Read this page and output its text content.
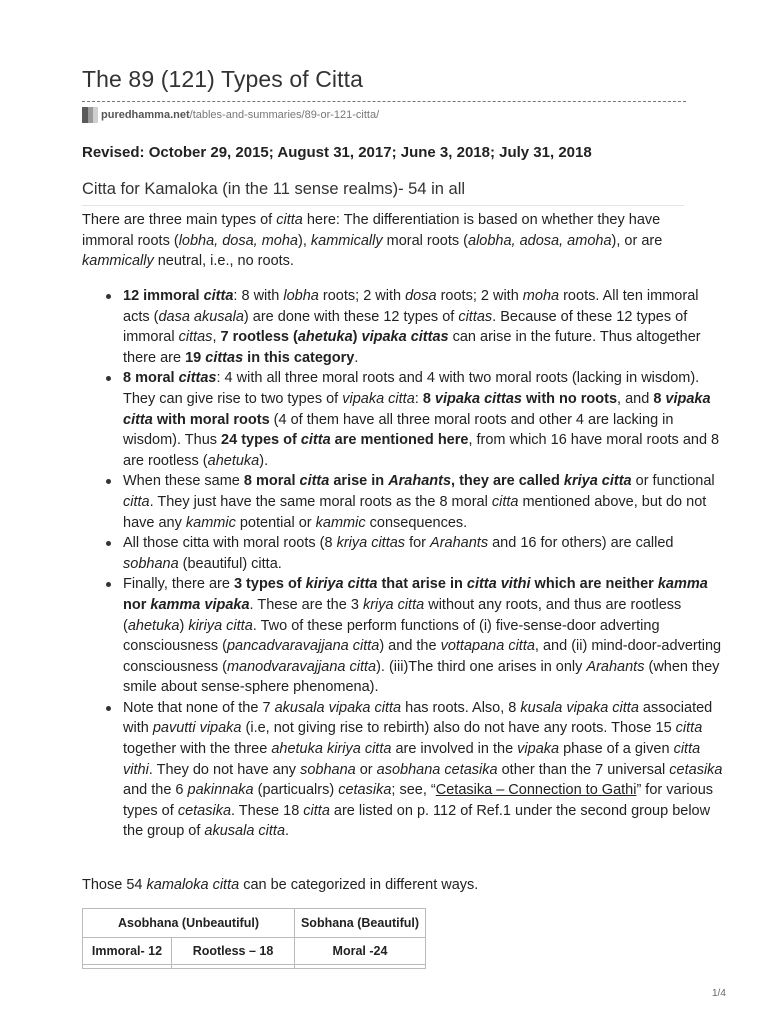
The 89 (121) Types of Citta
puredhamma.net /tables-and-summaries/89-or-121-citta/
Revised: October 29, 2015; August 31, 2017; June 3, 2018; July 31, 2018
Citta for Kamaloka (in the 11 sense realms)- 54 in all

There are three main types of citta here: The differentiation is based on whether they have immoral roots (lobha, dosa, moha), kammically moral roots (alobha, adosa, amoha), or are kammically neutral, i.e., no roots.

12 immoral citta: 8 with lobha roots; 2 with dosa roots; 2 with moha roots. All ten immoral acts (dasa akusala) are done with these 12 types of cittas. Because of these 12 types of immoral cittas, 7 rootless (ahetuka) vipaka cittas can arise in the future. Thus altogether there are 19 cittas in this category.
8 moral cittas: 4 with all three moral roots and 4 with two moral roots (lacking in wisdom). They can give rise to two types of vipaka citta: 8 vipaka cittas with no roots, and 8 vipaka citta with moral roots (4 of them have all three moral roots and other 4 are lacking in wisdom). Thus 24 types of citta are mentioned here, from which 16 have moral roots and 8 are rootless (ahetuka).
When these same 8 moral citta arise in Arahants, they are called kriya citta or functional citta. They just have the same moral roots as the 8 moral citta mentioned above, but do not have any kammic potential or kammic consequences.
All those citta with moral roots (8 kriya cittas for Arahants and 16 for others) are called sobhana (beautiful) citta.
Finally, there are 3 types of kiriya citta that arise in citta vithi which are neither kamma nor kamma vipaka. These are the 3 kriya citta without any roots, and thus are rootless (ahetuka) kiriya citta. Two of these perform functions of (i) five-sense-door adverting consciousness (pancadvaravajjana citta) and the vottapana citta, and (ii) mind-door-adverting consciousness (manodvaravajjana citta). (iii)The third one arises in only Arahants (when they smile about sense-sphere phenomena).
Note that none of the 7 akusala vipaka citta has roots. Also, 8 kusala vipaka citta associated with pavutti vipaka (i.e, not giving rise to rebirth) also do not have any roots. Those 15 citta together with the three ahetuka kiriya citta are involved in the vipaka phase of a given citta vithi. They do not have any sobhana or asobhana cetasika other than the 7 universal cetasika and the 6 pakinnaka (particualrs) cetasika; see, “Cetasika – Connection to Gathi” for various types of cetasika. These 18 citta are listed on p. 112 of Ref.1 under the second group below the group of akusala citta.

Those 54 kamaloka citta can be categorized in different ways.

Asobhana (Unbeautiful)		Sobhana (Beautiful)
Immoral- 12	Rootless – 18	Moral -24

1/4
